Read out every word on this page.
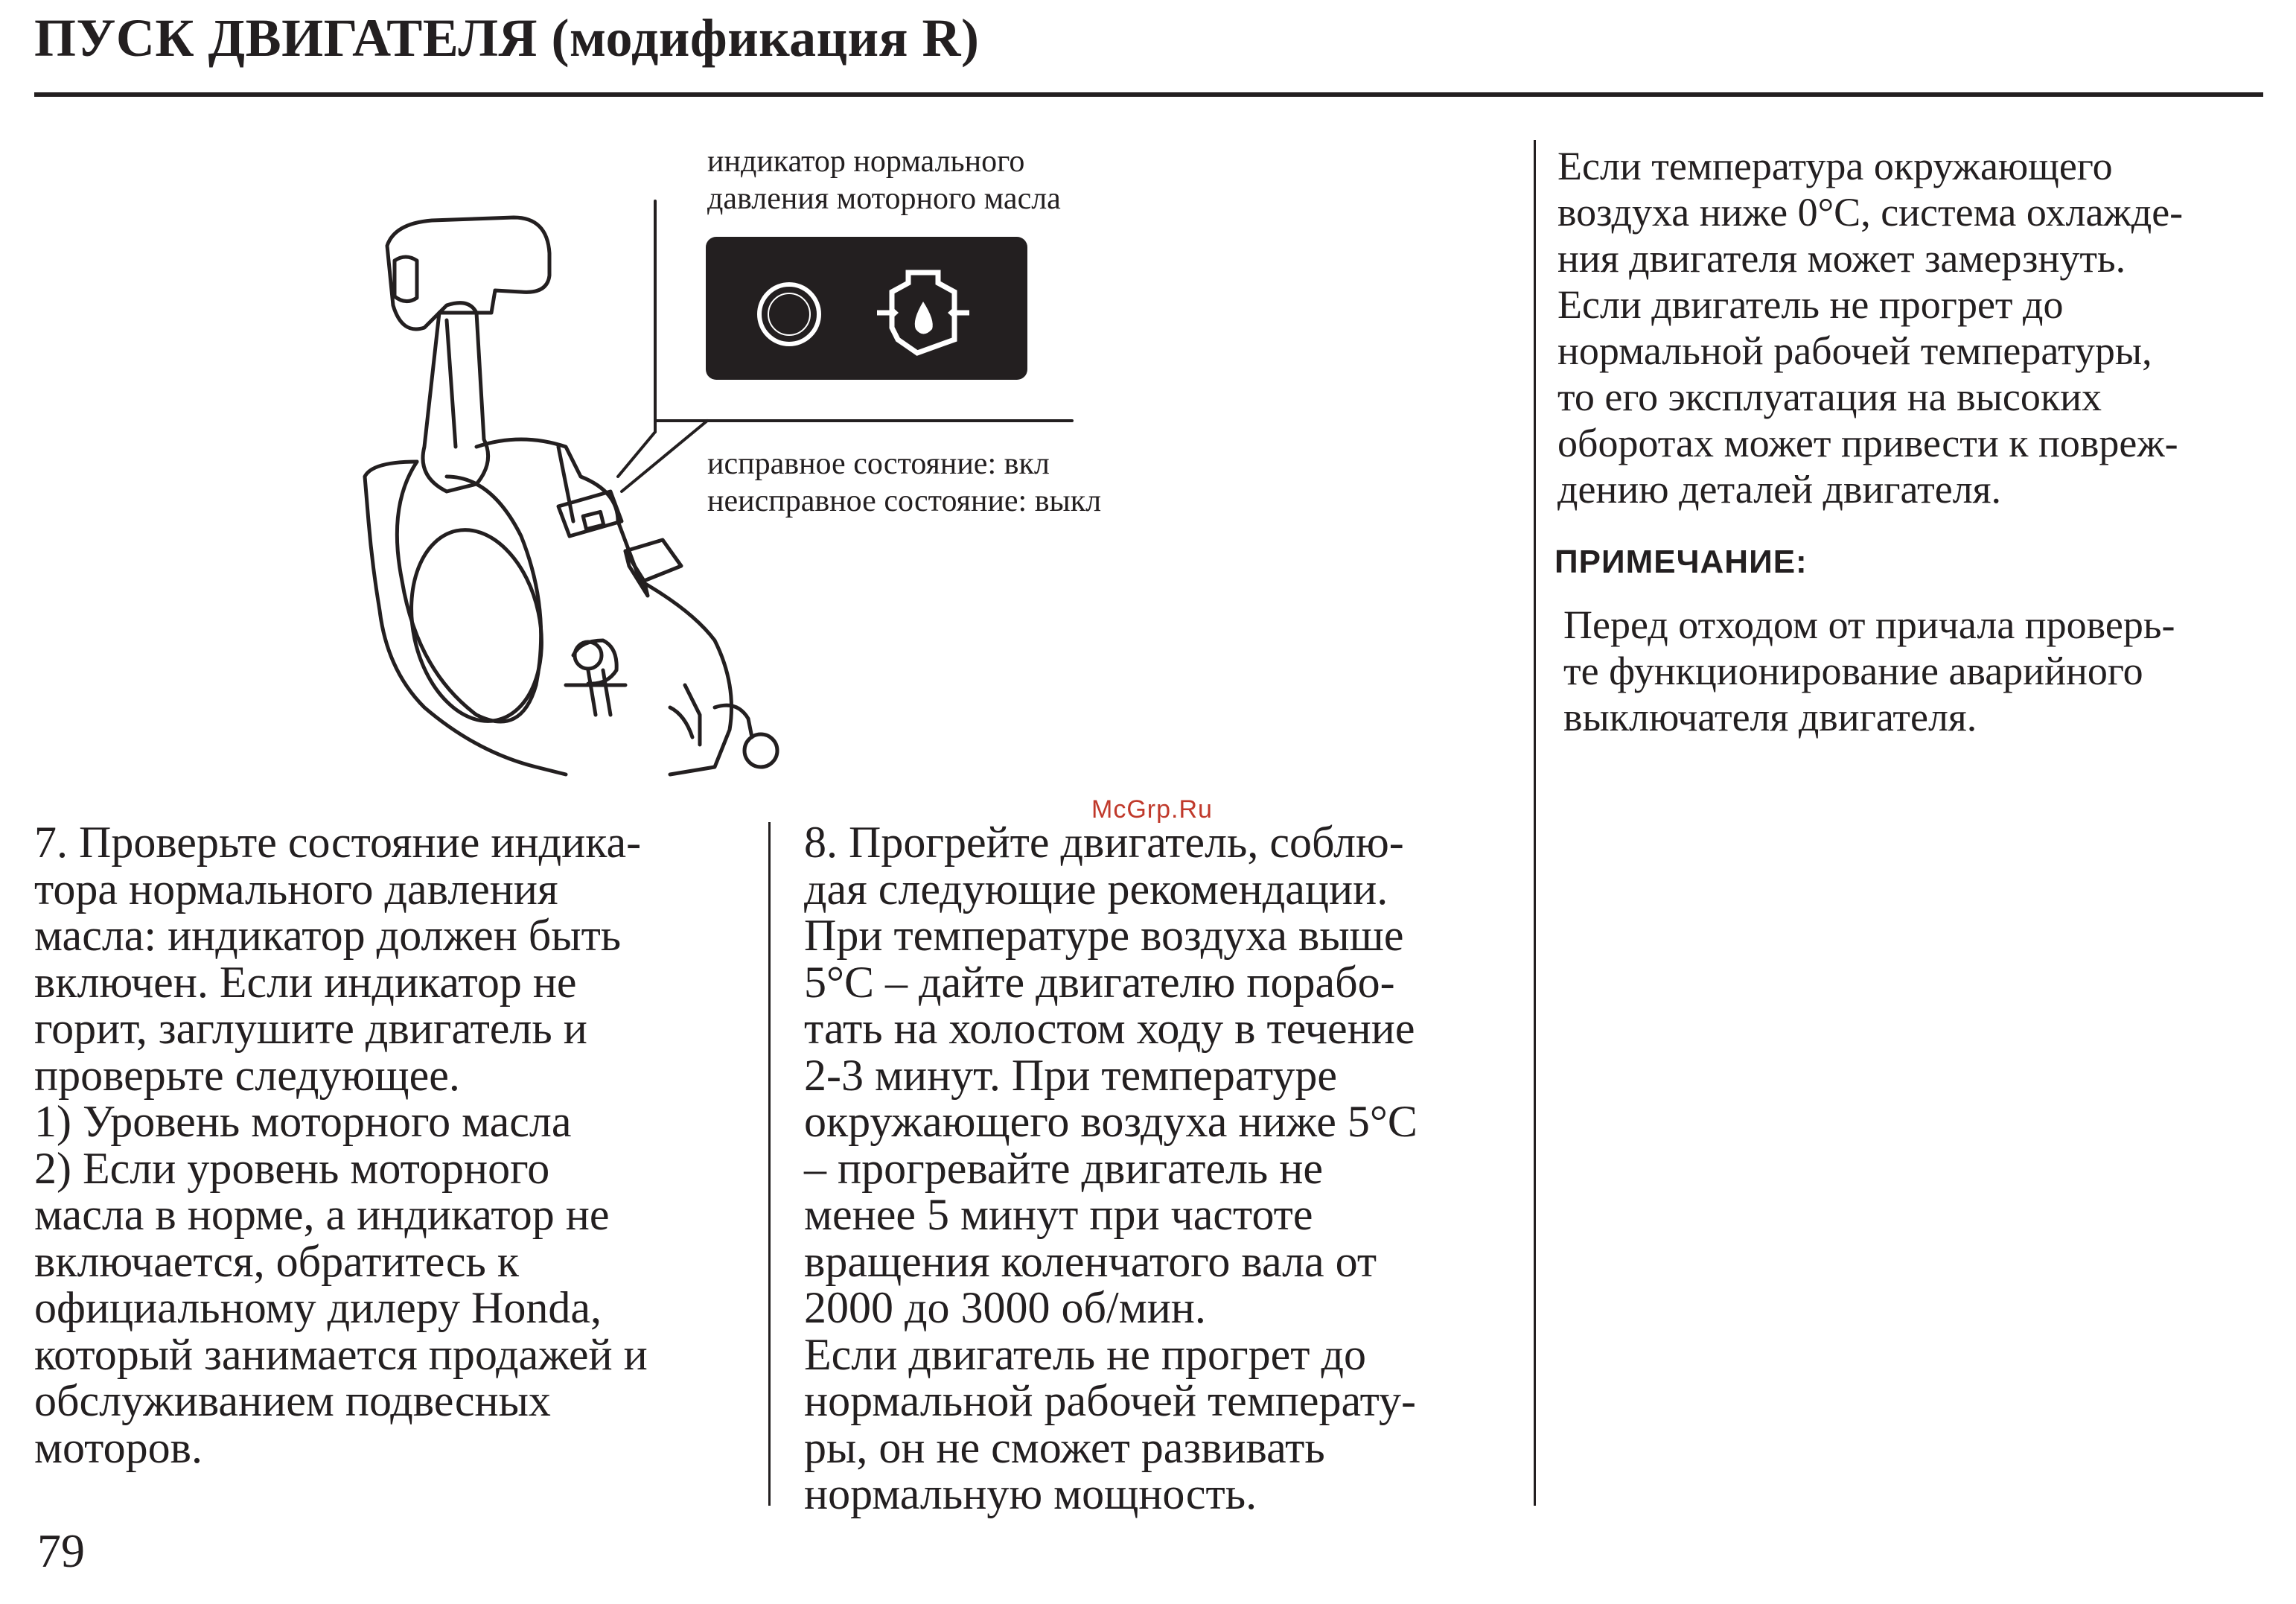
ПУСК ДВИГАТЕЛЯ (модификация R)
индикатор нормального
давления моторного масла
исправное состояние: вкл
неисправное состояние: выкл
7. Проверьте состояние индика-
тора нормального давления
масла: индикатор должен быть
включен. Если индикатор не
горит, заглушите двигатель и
проверьте следующее.
1) Уровень моторного масла
2) Если уровень моторного
масла в норме, а индикатор не
включается, обратитесь к
официальному дилеру Honda,
который занимается продажей и
обслуживанием подвесных
моторов.
8. Прогрейте двигатель, соблю-
дая следующие рекомендации.
При температуре воздуха выше
5°C – дайте двигателю порабо-
тать на холостом ходу в течение
2-3 минут. При температуре
окружающего воздуха ниже 5°C
– прогревайте двигатель не
менее 5 минут при частоте
вращения коленчатого вала от
2000 до 3000 об/мин.
Если двигатель не прогрет до
нормальной рабочей температу-
ры, он не сможет развивать
нормальную мощность.
Если температура окружающего
воздуха ниже 0°C, система охлажде-
ния двигателя может замерзнуть.
Если двигатель не прогрет до
нормальной рабочей температуры,
то его эксплуатация на высоких
оборотах может привести к повреж-
дению деталей двигателя.
ПРИМЕЧАНИЕ:
Перед отходом от причала проверь-
те функционирование аварийного
выключателя двигателя.
McGrp.Ru
79
